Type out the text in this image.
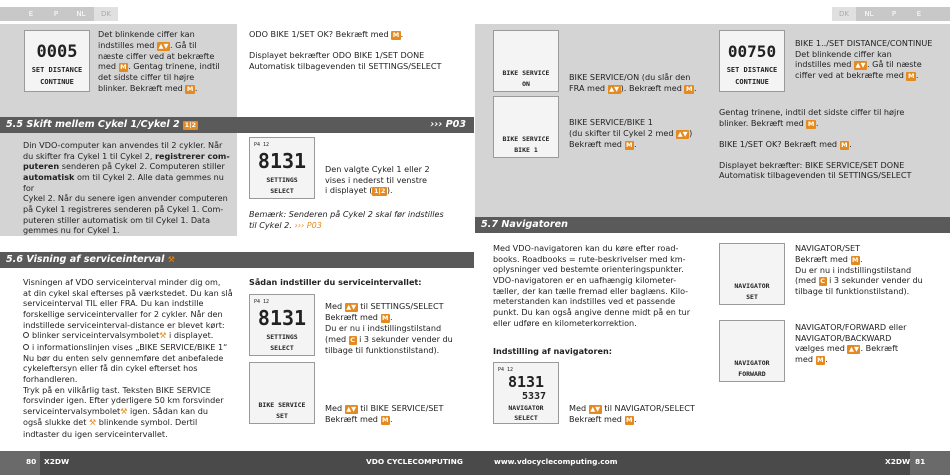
E	P	NL	DK	DK	NL	P	E
0005
SET DISTANCE
CONTINUE
Det blinkende ciffer kan
indstilles med ▲▼ . Gå til
næste ciffer ved at bekræfte
med M . Gentag trinene, indtil
det sidste ciffer til højre
blinker. Bekræft med M .
ODO BIKE 1/SET OK? Bekræft med M .
Displayet bekræfter ODO BIKE 1/SET DONE
Automatisk tilbagevenden til SETTINGS/SELECT
5.5 Skift mellem Cykel 1/Cykel 2 1|2	››› P03
Din VDO-computer kan anvendes til 2 cykler. Når
du skifter fra Cykel 1 til Cykel 2, registrerer com-
puteren senderen på Cykel 2. Computeren stiller
automatisk om til Cykel 2. Alle data gemmes nu for
Cykel 2. Når du senere igen anvender computeren
på Cykel 1 registreres senderen på Cykel 1. Com-
puteren stiller automatisk om til Cykel 1. Data
gemmes nu for Cykel 1.
P4 12
8131
SETTINGS
SELECT
Den valgte Cykel 1 eller 2
vises i nederst til venstre
i displayet ( 1|2 ).
Bemærk: Senderen på Cykel 2 skal før indstilles
til Cykel 2. ››› P03
5.6 Visning af serviceinterval ⚒
Visningen af VDO serviceinterval minder dig om,
at din cykel skal efterses på værkstedet. Du kan slå
serviceinterval TIL eller FRA. Du kan indstille
forskellige serviceintervaller for 2 cykler. Når den
indstillede serviceinterval-distance er blevet kørt:
blinker serviceintervalsymbolet⚒ i displayet.
i informationslinjen vises „BIKE SERVICE/BIKE 1“
Nu bør du enten selv gennemføre det anbefalede
cykeleftersyn eller få din cykel efterset hos
forhandleren.
Tryk på en vilkårlig tast. Teksten BIKE SERVICE
forsvinder igen. Efter yderligere 50 km forsvinder
serviceintervalsymbolet⚒ igen. Sådan kan du
også slukke det ⚒ blinkende symbol. Dertil
indtaster du igen serviceintervallet.
Sådan indstiller du serviceintervallet:
P4 12
8131
SETTINGS
SELECT
Med ▲▼ til SETTINGS/SELECT
Bekræft med M .
Du er nu i indstillingstilstand
(med C i 3 sekunder vender du
tilbage til funktionstilstand).
BIKE SERVICE
SET
Med ▲▼ til BIKE SERVICE/SET
Bekræft med M .
BIKE SERVICE
ON
BIKE SERVICE/ON (du slår den
FRA med ▲▼ ). Bekræft med M .
BIKE SERVICE
BIKE 1
BIKE SERVICE/BIKE 1
(du skifter til Cykel 2 med ▲▼ )
Bekræft med M .
00750
SET DISTANCE
CONTINUE
BIKE 1../SET DISTANCE/CONTINUE
Det blinkende ciffer kan
indstilles med ▲▼ . Gå til næste
ciffer ved at bekræfte med M .
Gentag trinene, indtil det sidste ciffer til højre
blinker. Bekræft med M .
BIKE 1/SET OK? Bekræft med M .
Displayet bekræfter: BIKE SERVICE/SET DONE
Automatisk tilbagevenden til SETTINGS/SELECT
5.7 Navigatoren
Med VDO-navigatoren kan du køre efter road-
books. Roadbooks = rute-beskrivelser med km-
oplysninger ved bestemte orienteringspunkter.
VDO-navigatoren er en uafhængig kilometer-
tæller, der kan tælle fremad eller baglæns. Kilo-
meterstanden kan indstilles ved et passende
punkt. Du kan også angive denne midt på en tur
eller udføre en kilometerkorrektion.
Indstilling af navigatoren:
P4 12
8131
5337
NAVIGATOR
SELECT
Med ▲▼ til NAVIGATOR/SELECT
Bekræft med M .
NAVIGATOR
SET
NAVIGATOR/SET
Bekræft med M .
Du er nu i indstillingstilstand
(med C i 3 sekunder vender du
tilbage til funktionstilstand).
NAVIGATOR
FORWARD
NAVIGATOR/FORWARD eller
NAVIGATOR/BACKWARD
vælges med ▲▼ . Bekræft
med M .
80 X2DW	VDO CYCLECOMPUTING	www.vdocyclecomputing.com	X2DW 81
